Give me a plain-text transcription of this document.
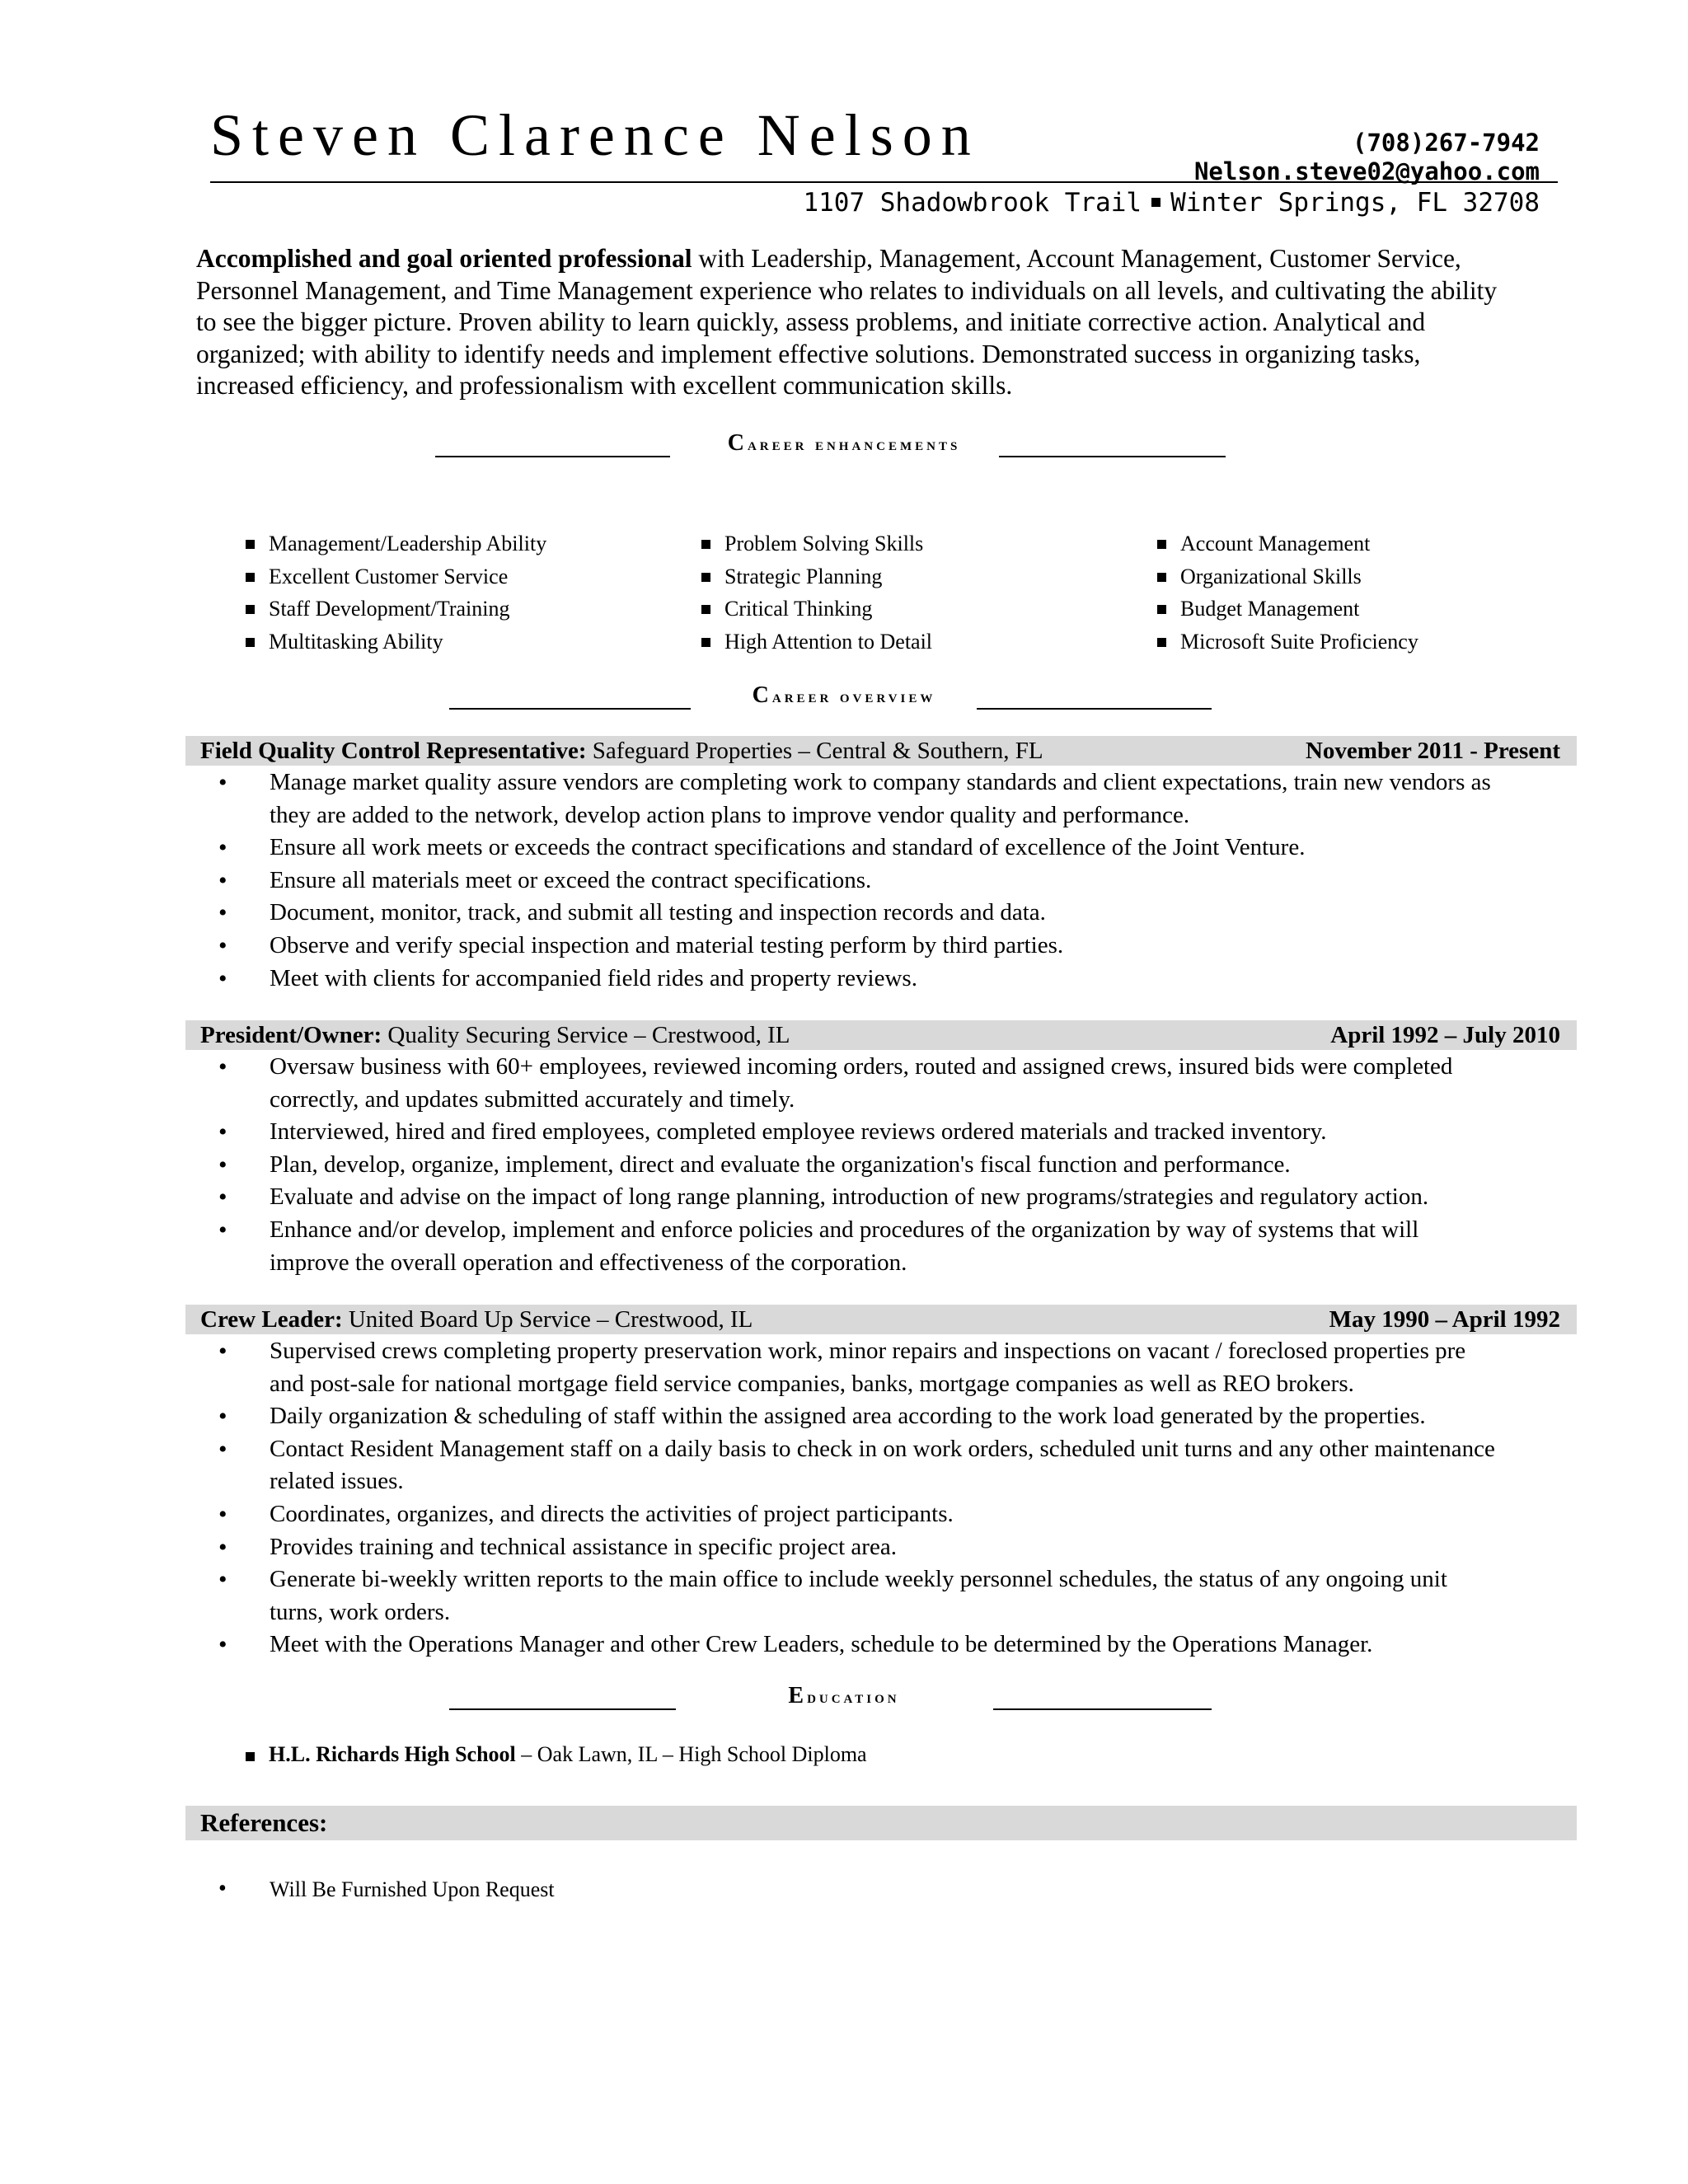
Steven Clarence Nelson	(708)267-7942
Nelson.steve02@yahoo.com
1107 Shadowbrook Trail Winter Springs, FL 32708
Accomplished and goal oriented professional with Leadership, Management, Account Management, Customer Service, Personnel Management, and Time Management experience who relates to individuals on all levels, and cultivating the ability to see the bigger picture. Proven ability to learn quickly, assess problems, and initiate corrective action. Analytical and organized; with ability to identify needs and implement effective solutions. Demonstrated success in organizing tasks, increased efficiency, and professionalism with excellent communication skills.
Career enhancements
Management/Leadership Ability
Excellent Customer Service
Staff Development/Training
Multitasking Ability
Problem Solving Skills
Strategic Planning
Critical Thinking
High Attention to Detail
Account Management
Organizational Skills
Budget Management
Microsoft Suite Proficiency
Career overview
Field Quality Control Representative: Safeguard Properties – Central & Southern, FL	November 2011 - Present
• Manage market quality assure vendors are completing work to company standards and client expectations, train new vendors as they are added to the network, develop action plans to improve vendor quality and performance.
• Ensure all work meets or exceeds the contract specifications and standard of excellence of the Joint Venture.
• Ensure all materials meet or exceed the contract specifications.
• Document, monitor, track, and submit all testing and inspection records and data.
• Observe and verify special inspection and material testing perform by third parties.
• Meet with clients for accompanied field rides and property reviews.
President/Owner: Quality Securing Service – Crestwood, IL	April 1992 – July 2010
• Oversaw business with 60+ employees, reviewed incoming orders, routed and assigned crews, insured bids were completed correctly, and updates submitted accurately and timely.
• Interviewed, hired and fired employees, completed employee reviews ordered materials and tracked inventory.
• Plan, develop, organize, implement, direct and evaluate the organization's fiscal function and performance.
• Evaluate and advise on the impact of long range planning, introduction of new programs/strategies and regulatory action.
• Enhance and/or develop, implement and enforce policies and procedures of the organization by way of systems that will improve the overall operation and effectiveness of the corporation.
Crew Leader: United Board Up Service – Crestwood, IL	May 1990 – April 1992
• Supervised crews completing property preservation work, minor repairs and inspections on vacant / foreclosed properties pre and post-sale for national mortgage field service companies, banks, mortgage companies as well as REO brokers.
• Daily organization & scheduling of staff within the assigned area according to the work load generated by the properties.
• Contact Resident Management staff on a daily basis to check in on work orders, scheduled unit turns and any other maintenance related issues.
• Coordinates, organizes, and directs the activities of project participants.
• Provides training and technical assistance in specific project area.
• Generate bi-weekly written reports to the main office to include weekly personnel schedules, the status of any ongoing unit turns, work orders.
• Meet with the Operations Manager and other Crew Leaders, schedule to be determined by the Operations Manager.
Education
H.L. Richards High School – Oak Lawn, IL – High School Diploma
References:
• Will Be Furnished Upon Request
